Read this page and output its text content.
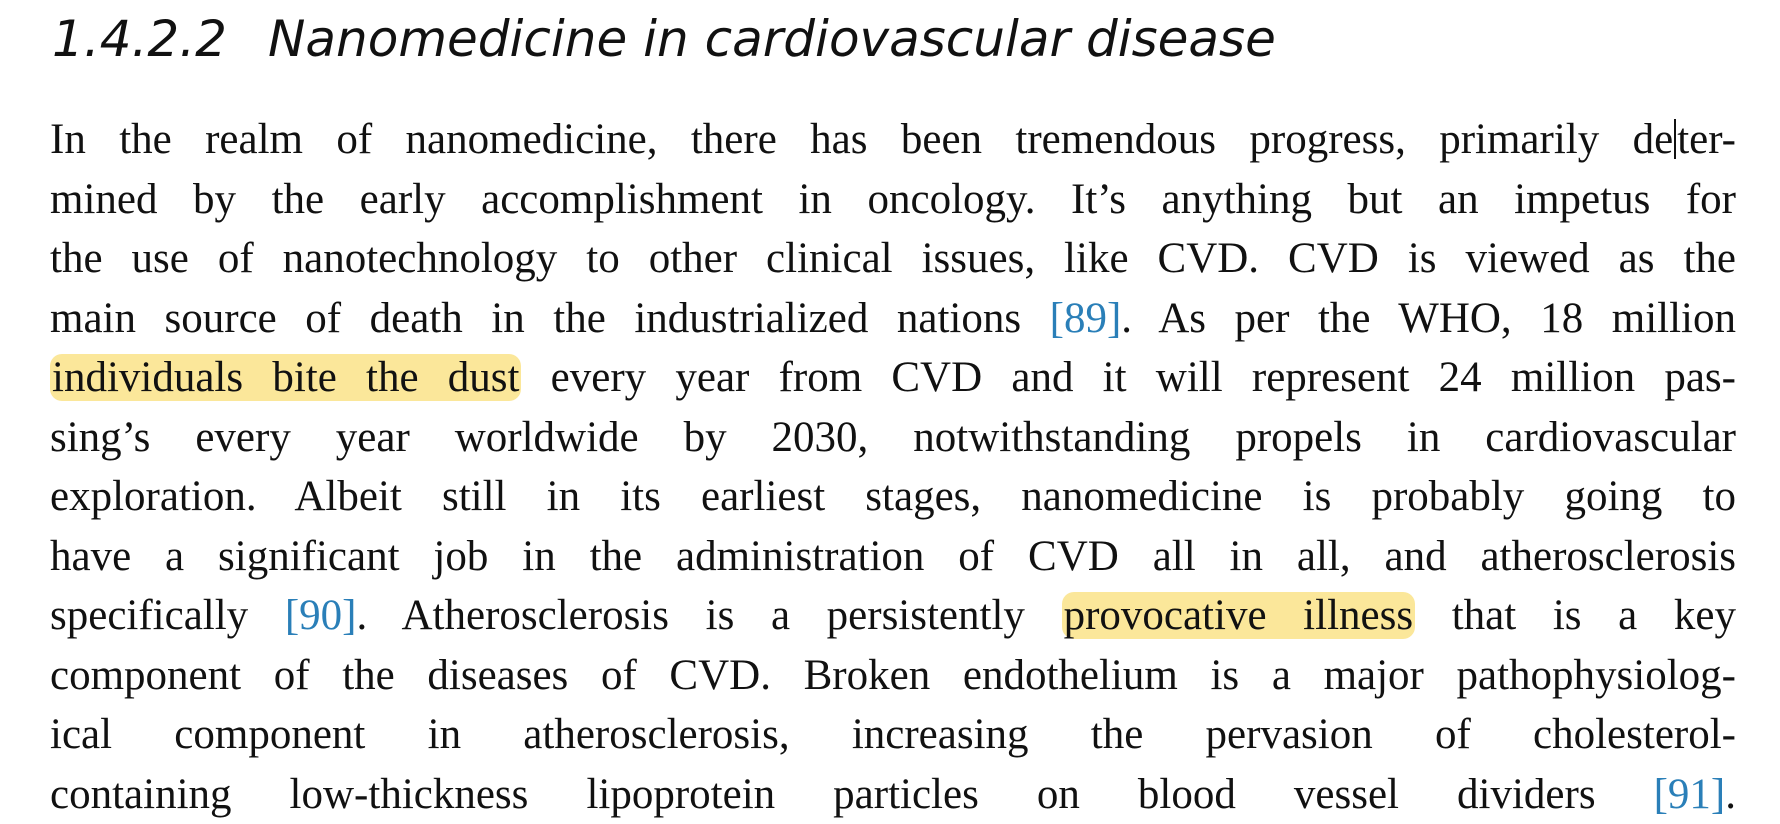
1.4.2.2 Nanomedicine in cardiovascular disease
In the realm of nanomedicine, there has been tremendous progress, primarily deter-
mined by the early accomplishment in oncology. It’s anything but an impetus for
the use of nanotechnology to other clinical issues, like CVD. CVD is viewed as the
main source of death in the industrialized nations [89]. As per the WHO, 18 million
individuals bite the dust every year from CVD and it will represent 24 million pas-
sing’s every year worldwide by 2030, notwithstanding propels in cardiovascular
exploration. Albeit still in its earliest stages, nanomedicine is probably going to
have a significant job in the administration of CVD all in all, and atherosclerosis
specifically [90]. Atherosclerosis is a persistently provocative illness that is a key
component of the diseases of CVD. Broken endothelium is a major pathophysiolog-
ical component in atherosclerosis, increasing the pervasion of cholesterol-
containing low-thickness lipoprotein particles on blood vessel dividers [91].
